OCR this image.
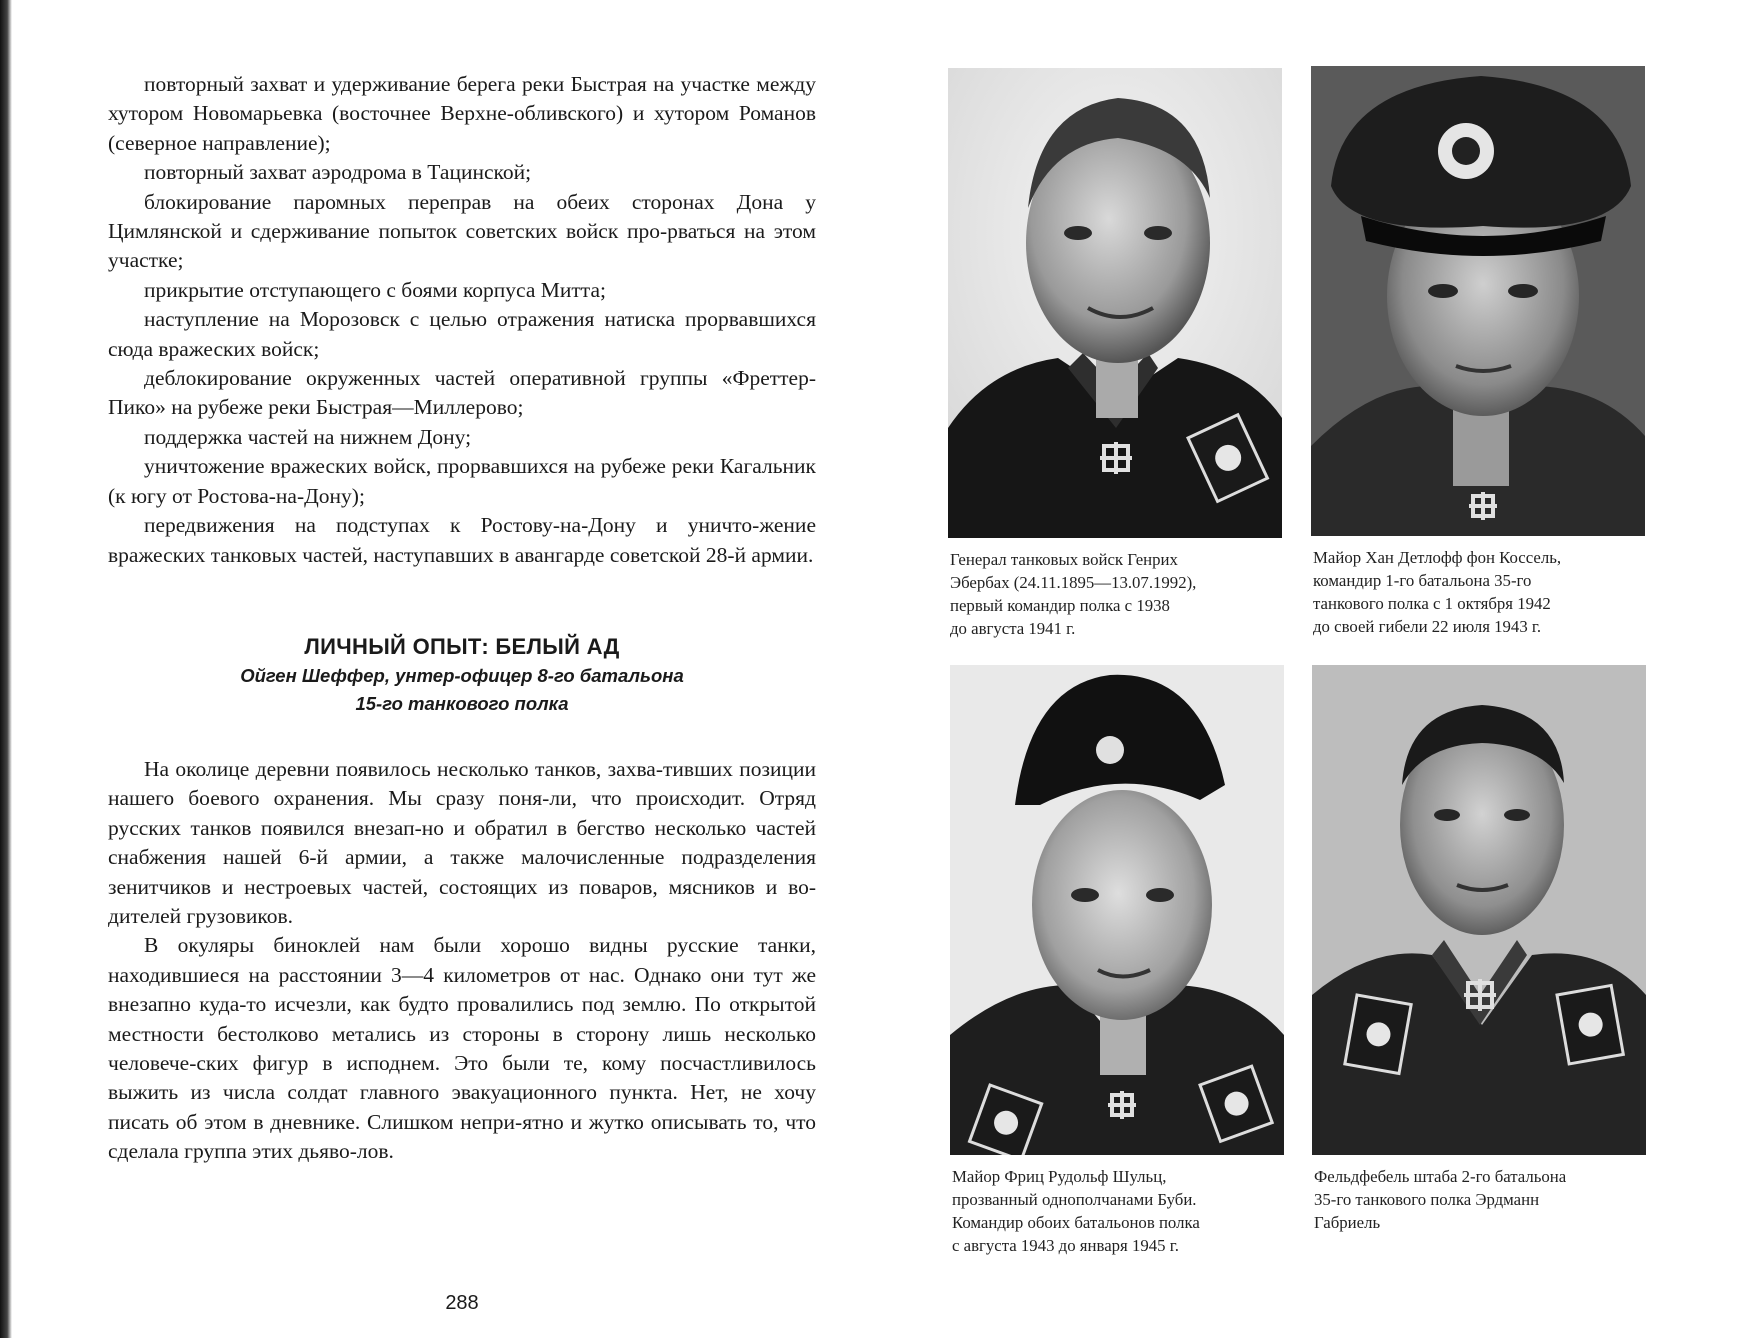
повторный захват и удерживание берега реки Быстрая на участке между хутором Новомарьевка (восточнее Верхне-обливского) и хутором Романов (северное направление);

повторный захват аэродрома в Тацинской;

блокирование паромных переправ на обеих сторонах Дона у Цимлянской и сдерживание попыток советских войск про-рваться на этом участке;

прикрытие отступающего с боями корпуса Митта;

наступление на Морозовск с целью отражения натиска прорвавшихся сюда вражеских войск;

деблокирование окруженных частей оперативной группы «Фреттер-Пико» на рубеже реки Быстрая—Миллерово;

поддержка частей на нижнем Дону;

уничтожение вражеских войск, прорвавшихся на рубеже реки Кагальник (к югу от Ростова-на-Дону);

передвижения на подступах к Ростову-на-Дону и уничто-жение вражеских танковых частей, наступавших в авангарде советской 28-й армии.

ЛИЧНЫЙ ОПЫТ: БЕЛЫЙ АД
Ойген Шеффер, унтер-офицер 8-го батальона
15-го танкового полка

На околице деревни появилось несколько танков, захва-тивших позиции нашего боевого охранения. Мы сразу поня-ли, что происходит. Отряд русских танков появился внезап-но и обратил в бегство несколько частей снабжения нашей 6-й армии, а также малочисленные подразделения зенитчиков и нестроевых частей, состоящих из поваров, мясников и во-дителей грузовиков.

В окуляры биноклей нам были хорошо видны русские танки, находившиеся на расстоянии 3—4 километров от нас. Однако они тут же внезапно куда-то исчезли, как будто провалились под землю. По открытой местности бестолково метались из стороны в сторону лишь несколько человече-ских фигур в исподнем. Это были те, кому посчастливилось выжить из числа солдат главного эвакуационного пункта. Нет, не хочу писать об этом в дневнике. Слишком непри-ятно и жутко описывать то, что сделала группа этих дьяво-лов.

288
Генерал танковых войск Генрих
Эбербах (24.11.1895—13.07.1992),
первый командир полка с 1938
до августа 1941 г.
Майор Хан Детлофф фон Коссель,
командир 1-го батальона 35-го
танкового полка с 1 октября 1942
до своей гибели 22 июля 1943 г.
Майор Фриц Рудольф Шульц,
прозванный однополчанами Буби.
Командир обоих батальонов полка
с августа 1943 до января 1945 г.
Фельдфебель штаба 2-го батальона
35-го танкового полка Эрдманн
Габриель
